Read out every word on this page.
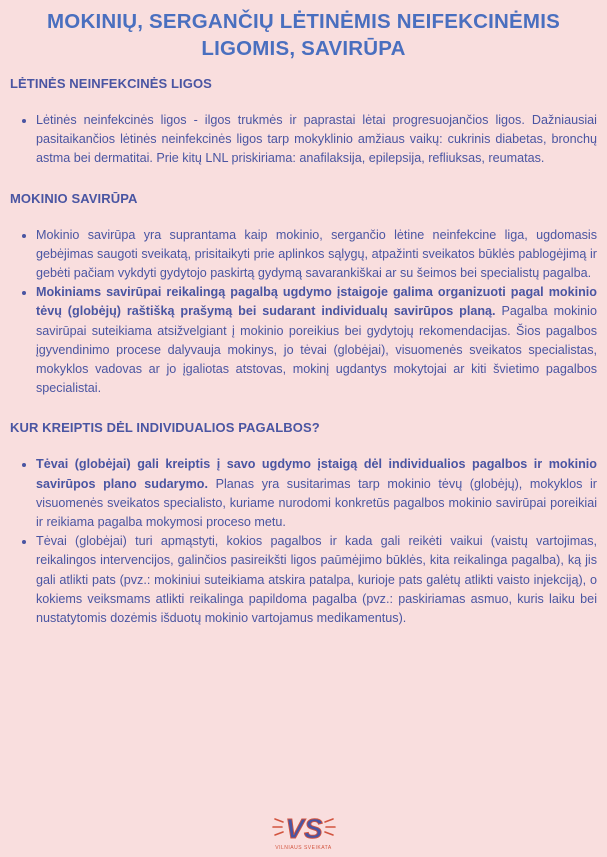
MOKINIŲ, SERGANČIŲ LĖTINĖMIS NEIFEKCINĖMIS LIGOMIS, SAVIRŪPA
LĖTINĖS NEINFEKCINĖS LIGOS
• Lėtinės neinfekcinės ligos - ilgos trukmės ir paprastai lėtai progresuojančios ligos. Dažniausiai pasitaikančios lėtinės neinfekcinės ligos tarp mokyklinio amžiaus vaikų: cukrinis diabetas, bronchų astma bei dermatitai. Prie kitų LNL priskiriama: anafilaksija, epilepsija, refliuksas, reumatas.
MOKINIO SAVIRŪPA
• Mokinio savirūpa yra suprantama kaip mokinio, sergančio lėtine neinfekcine liga, ugdomasis gebėjimas saugoti sveikatą, prisitaikyti prie aplinkos sąlygų, atpažinti sveikatos būklės pablogėjimą ir gebėti pačiam vykdyti gydytojo paskirtą gydymą savarankiškai ar su šeimos bei specialistų pagalba.
• Mokiniams savirūpai reikalingą pagalbą ugdymo įstaigoje galima organizuoti pagal mokinio tėvų (globėjų) raštišką prašymą bei sudarant individualų savirūpos planą. Pagalba mokinio savirūpai suteikiama atsižvelgiant į mokinio poreikius bei gydytojų rekomendacijas. Šios pagalbos įgyvendinimo procese dalyvauja mokinys, jo tėvai (globėjai), visuomenės sveikatos specialistas, mokyklos vadovas ar jo įgaliotas atstovas, mokinį ugdantys mokytojai ar kiti švietimo pagalbos specialistai.
KUR KREIPTIS DĖL INDIVIDUALIOS PAGALBOS?
• Tėvai (globėjai) gali kreiptis į savo ugdymo įstaigą dėl individualios pagalbos ir mokinio savirūpos plano sudarymo. Planas yra susitarimas tarp mokinio tėvų (globėjų), mokyklos ir visuomenės sveikatos specialisto, kuriame nurodomi konkretūs pagalbos mokinio savirūpai poreikiai ir reikiama pagalba mokymosi proceso metu.
• Tėvai (globėjai) turi apmąstyti, kokios pagalbos ir kada gali reikėti vaikui (vaistų vartojimas, reikalingos intervencijos, galinčios pasireikšti ligos paūmėjimo būklės, kita reikalinga pagalba), ką jis gali atlikti pats (pvz.: mokiniui suteikiama atskira patalpa, kurioje pats galėtų atlikti vaisto injekciją), o kokiems veiksmams atlikti reikalinga papildoma pagalba (pvz.: paskiriamas asmuo, kuris laiku bei nustatytomis dozėmis išduotų mokinio vartojamus medikamentus).
VS
VILNIAUS SVEIKATA
